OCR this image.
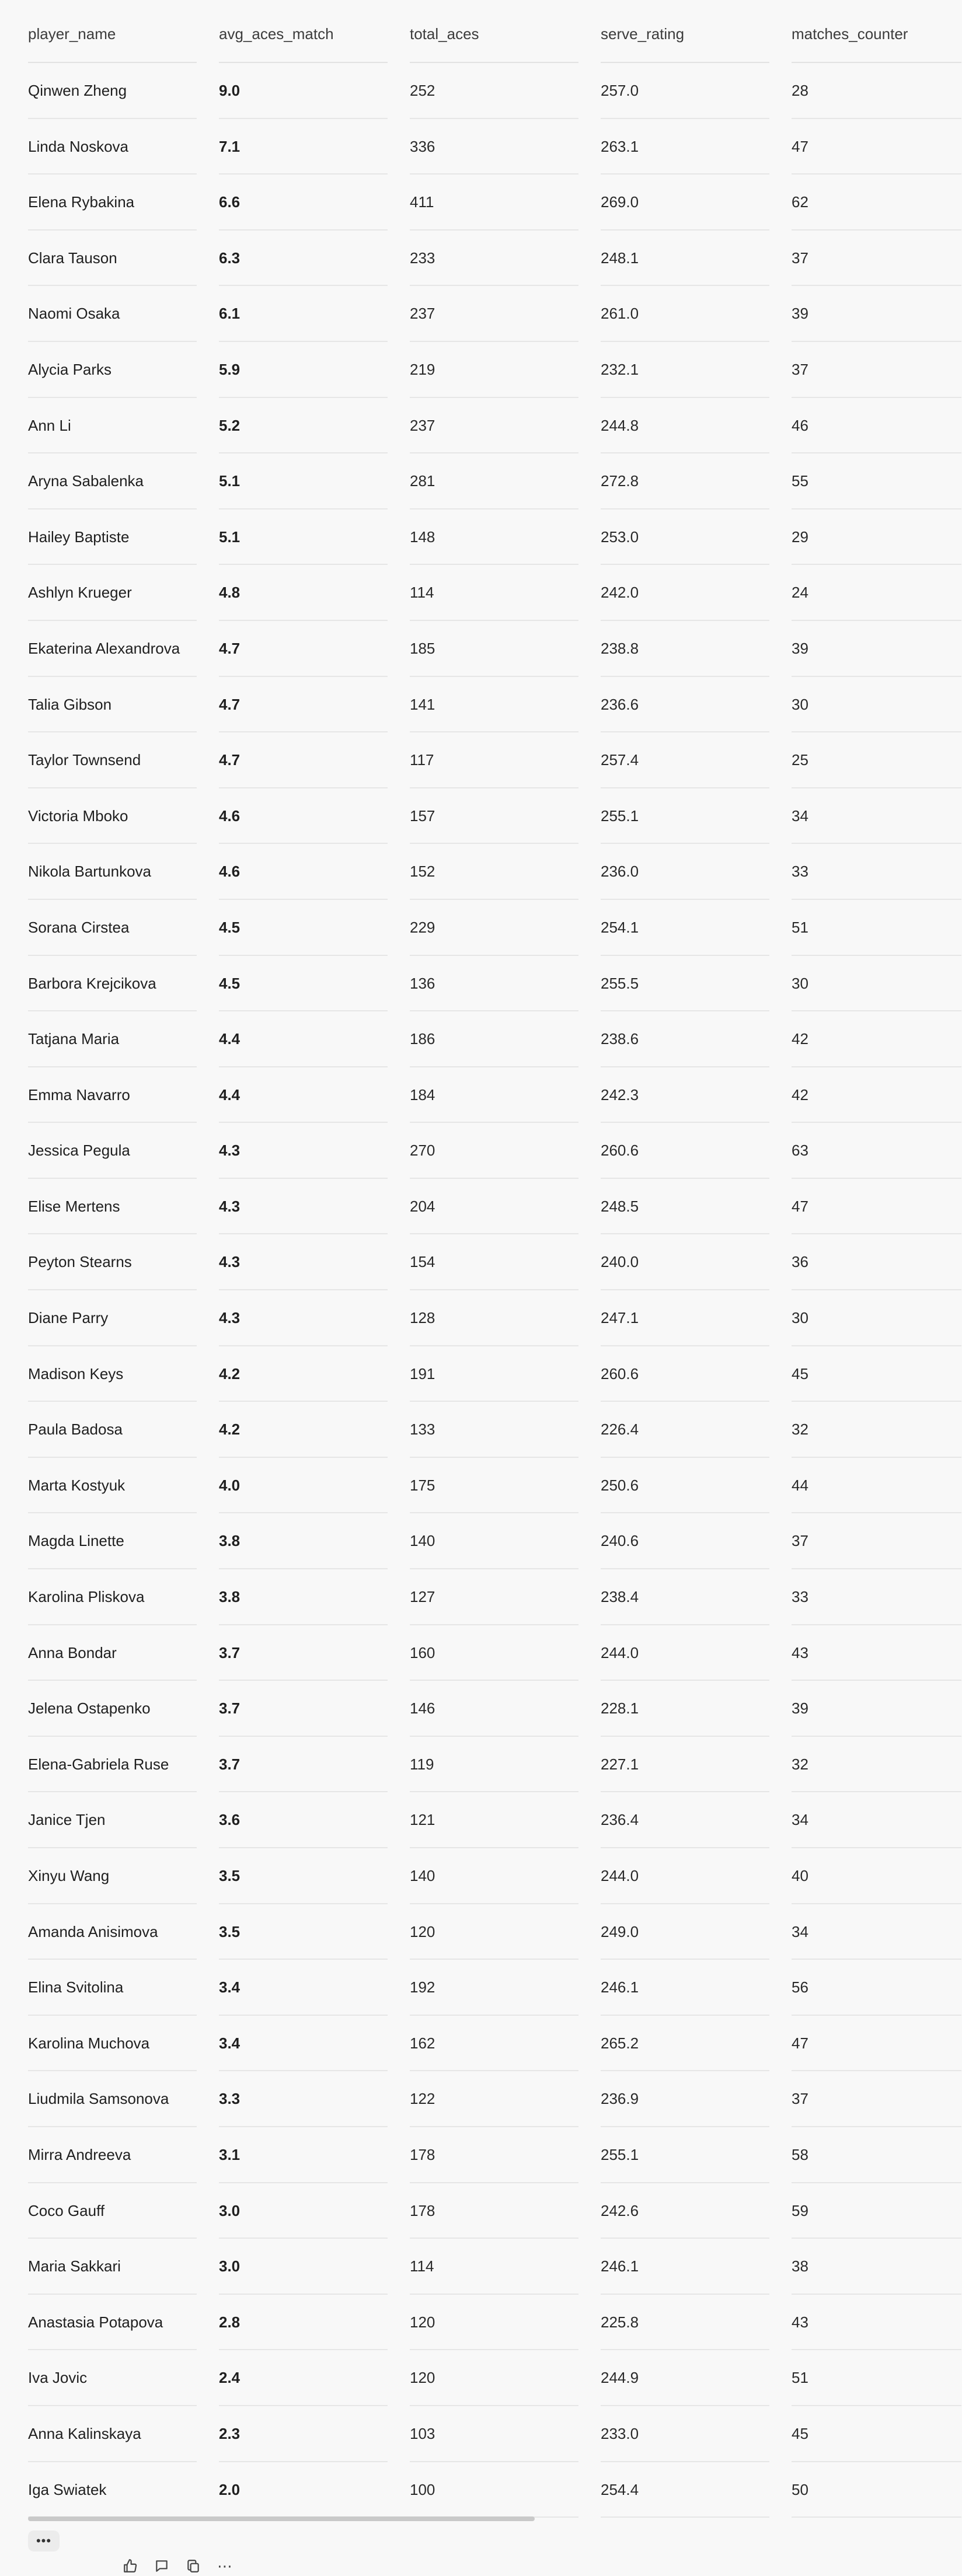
player_name	avg_aces_match	total_aces	serve_rating	matches_counter

Qinwen Zheng	9.0	252	257.0	28

Linda Noskova	7.1	336	263.1	47

Elena Rybakina	6.6	411	269.0	62

Clara Tauson	6.3	233	248.1	37

Naomi Osaka	6.1	237	261.0	39

Alycia Parks	5.9	219	232.1	37

Ann Li	5.2	237	244.8	46

Aryna Sabalenka	5.1	281	272.8	55

Hailey Baptiste	5.1	148	253.0	29

Ashlyn Krueger	4.8	114	242.0	24

Ekaterina Alexandrova	4.7	185	238.8	39

Talia Gibson	4.7	141	236.6	30

Taylor Townsend	4.7	117	257.4	25

Victoria Mboko	4.6	157	255.1	34

Nikola Bartunkova	4.6	152	236.0	33

Sorana Cirstea	4.5	229	254.1	51

Barbora Krejcikova	4.5	136	255.5	30

Tatjana Maria	4.4	186	238.6	42

Emma Navarro	4.4	184	242.3	42

Jessica Pegula	4.3	270	260.6	63

Elise Mertens	4.3	204	248.5	47

Peyton Stearns	4.3	154	240.0	36

Diane Parry	4.3	128	247.1	30

Madison Keys	4.2	191	260.6	45

Paula Badosa	4.2	133	226.4	32

Marta Kostyuk	4.0	175	250.6	44

Magda Linette	3.8	140	240.6	37

Karolina Pliskova	3.8	127	238.4	33

Anna Bondar	3.7	160	244.0	43

Jelena Ostapenko	3.7	146	228.1	39

Elena-Gabriela Ruse	3.7	119	227.1	32

Janice Tjen	3.6	121	236.4	34

Xinyu Wang	3.5	140	244.0	40

Amanda Anisimova	3.5	120	249.0	34

Elina Svitolina	3.4	192	246.1	56

Karolina Muchova	3.4	162	265.2	47

Liudmila Samsonova	3.3	122	236.9	37

Mirra Andreeva	3.1	178	255.1	58

Coco Gauff	3.0	178	242.6	59

Maria Sakkari	3.0	114	246.1	38

Anastasia Potapova	2.8	120	225.8	43

Iva Jovic	2.4	120	244.9	51

Anna Kalinskaya	2.3	103	233.0	45

Iga Swiatek	2.0	100	254.4	50
•••
⋯
